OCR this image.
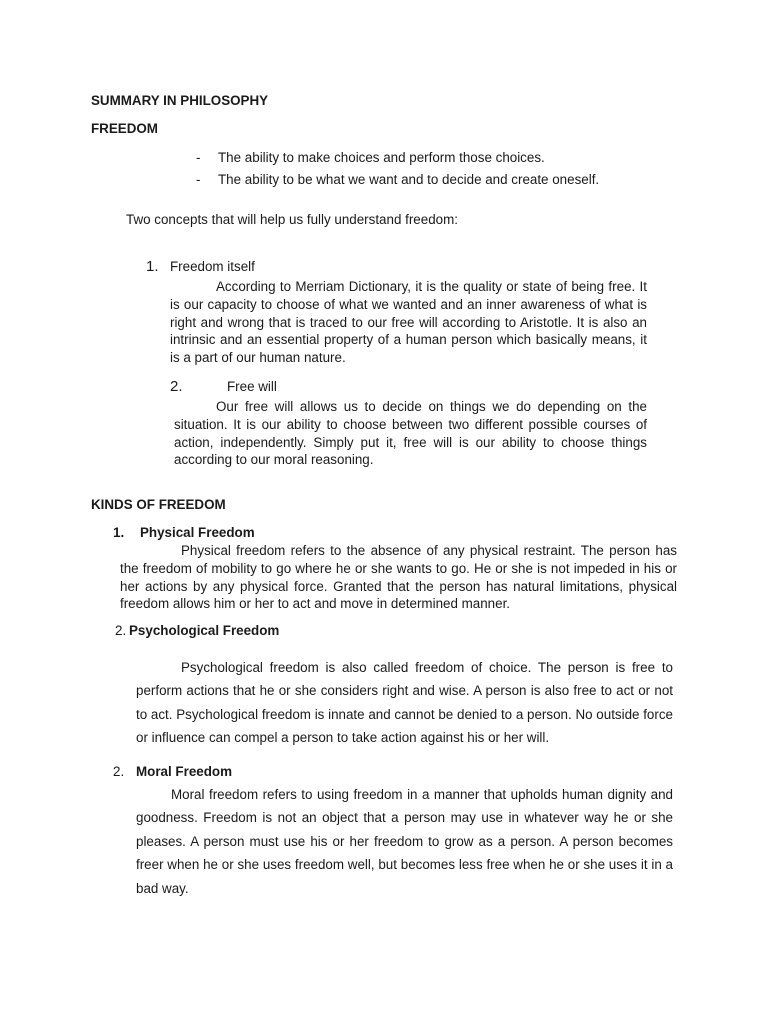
SUMMARY IN PHILOSOPHY
FREEDOM
- The ability to make choices and perform those choices.
- The ability to be what we want and to decide and create oneself.
Two concepts that will help us fully understand freedom:
1. Freedom itself
According to Merriam Dictionary, it is the quality or state of being free. It is our capacity to choose of what we wanted and an inner awareness of what is right and wrong that is traced to our free will according to Aristotle. It is also an intrinsic and an essential property of a human person which basically means, it is a part of our human nature.
2.	Free will
Our free will allows us to decide on things we do depending on the situation. It is our ability to choose between two different possible courses of action, independently. Simply put it, free will is our ability to choose things according to our moral reasoning.
KINDS OF FREEDOM
1. Physical Freedom
Physical freedom refers to the absence of any physical restraint. The person has the freedom of mobility to go where he or she wants to go. He or she is not impeded in his or her actions by any physical force. Granted that the person has natural limitations, physical freedom allows him or her to act and move in determined manner.
2. Psychological Freedom
Psychological freedom is also called freedom of choice. The person is free to perform actions that he or she considers right and wise. A person is also free to act or not to act. Psychological freedom is innate and cannot be denied to a person. No outside force or influence can compel a person to take action against his or her will.
2. Moral Freedom
Moral freedom refers to using freedom in a manner that upholds human dignity and goodness. Freedom is not an object that a person may use in whatever way he or she pleases. A person must use his or her freedom to grow as a person. A person becomes freer when he or she uses freedom well, but becomes less free when he or she uses it in a bad way.
